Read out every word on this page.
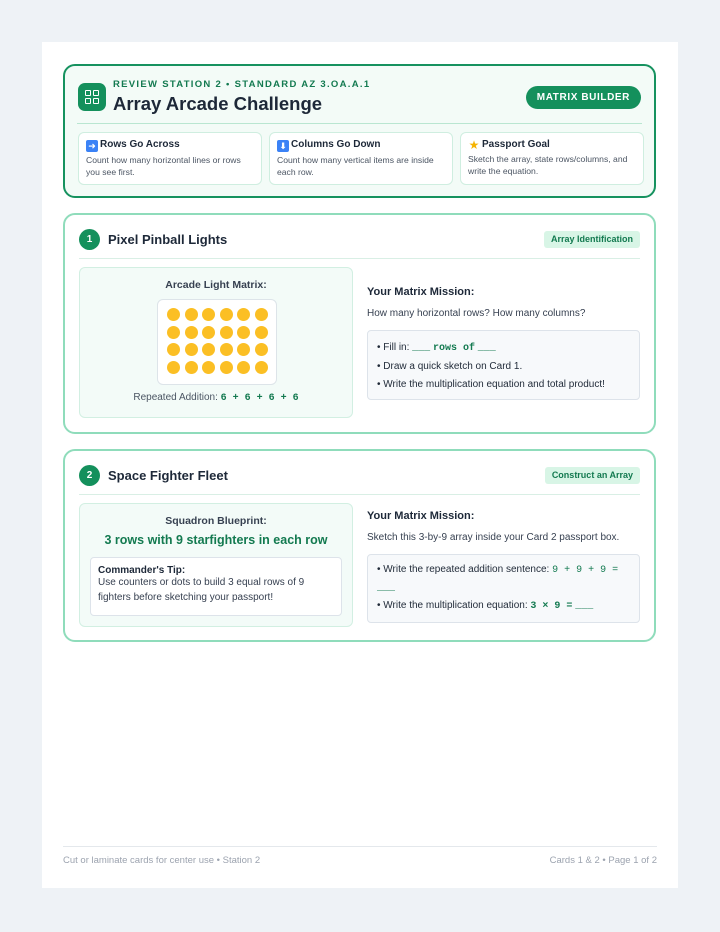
REVIEW STATION 2 • STANDARD AZ 3.OA.A.1
Array Arcade Challenge	MATRIX BUILDER
➜ Rows Go Across
Count how many horizontal lines or rows you see first.
⬇ Columns Go Down
Count how many vertical items are inside each row.
★ Passport Goal
Sketch the array, state rows/columns, and write the equation.
1	Pixel Pinball Lights	Array Identification
Arcade Light Matrix:
Repeated Addition: 6 + 6 + 6 + 6
Your Matrix Mission:
How many horizontal rows? How many columns?
• Fill in: ___ rows of ___
• Draw a quick sketch on Card 1.
• Write the multiplication equation and total product!
2	Space Fighter Fleet	Construct an Array
Squadron Blueprint:
3 rows with 9 starfighters in each row
Commander's Tip:
Use counters or dots to build 3 equal rows of 9 fighters before sketching your passport!
Your Matrix Mission:
Sketch this 3-by-9 array inside your Card 2 passport box.
• Write the repeated addition sentence: 9 + 9 + 9 = ___
• Write the multiplication equation: 3 × 9 = ___
Cut or laminate cards for center use • Station 2	Cards 1 & 2 • Page 1 of 2
